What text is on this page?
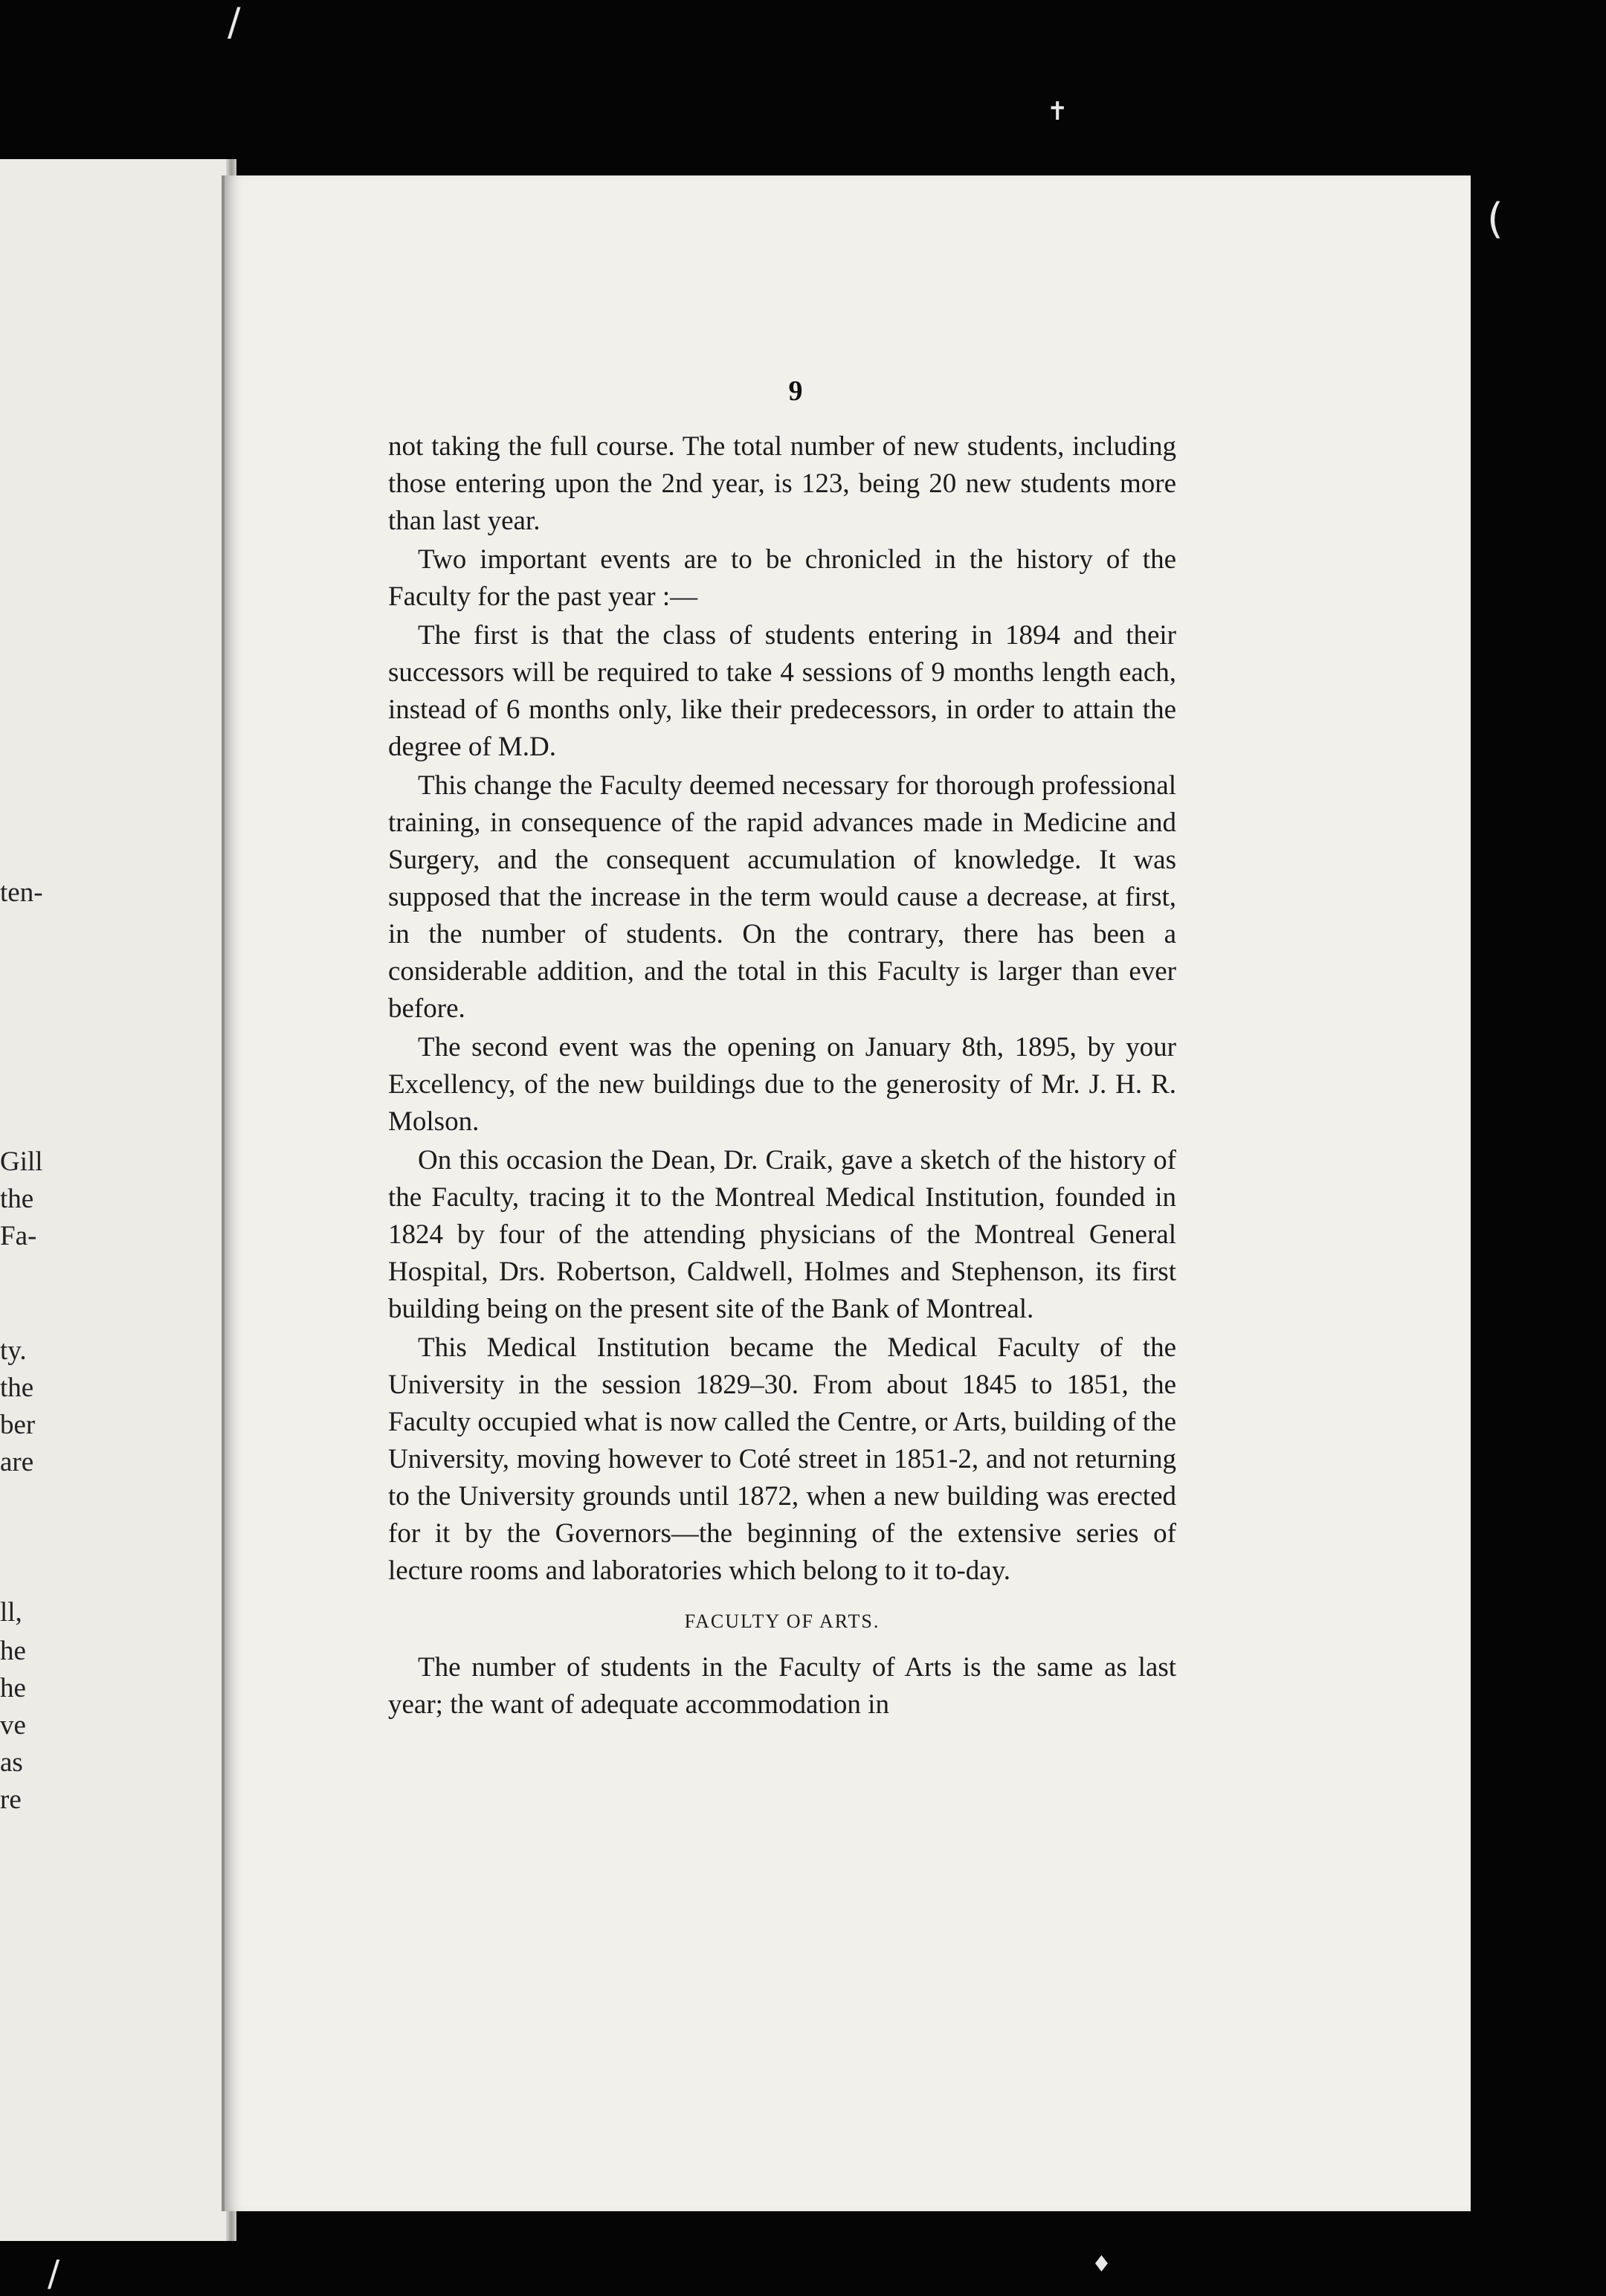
/
✝
(
♦
/
ten-
Gill
the
Fa-
ty.
the
ber
are
ll,
he
he
ve
as
re
9

not taking the full course. The total number of new students, including those entering upon the 2nd year, is 123, being 20 new students more than last year.

Two important events are to be chronicled in the history of the Faculty for the past year :—

The first is that the class of students entering in 1894 and their successors will be required to take 4 sessions of 9 months length each, instead of 6 months only, like their predecessors, in order to attain the degree of M.D.

This change the Faculty deemed necessary for thorough professional training, in consequence of the rapid advances made in Medicine and Surgery, and the consequent accumulation of knowledge. It was supposed that the increase in the term would cause a decrease, at first, in the number of students. On the contrary, there has been a considerable addition, and the total in this Faculty is larger than ever before.

The second event was the opening on January 8th, 1895, by your Excellency, of the new buildings due to the generosity of Mr. J. H. R. Molson.

On this occasion the Dean, Dr. Craik, gave a sketch of the history of the Faculty, tracing it to the Montreal Medical Institution, founded in 1824 by four of the attending physicians of the Montreal General Hospital, Drs. Robertson, Caldwell, Holmes and Stephenson, its first building being on the present site of the Bank of Montreal.

This Medical Institution became the Medical Faculty of the University in the session 1829–30. From about 1845 to 1851, the Faculty occupied what is now called the Centre, or Arts, building of the University, moving however to Coté street in 1851-2, and not returning to the University grounds until 1872, when a new building was erected for it by the Governors—the beginning of the extensive series of lecture rooms and laboratories which belong to it to-day.

FACULTY OF ARTS.

The number of students in the Faculty of Arts is the same as last year; the want of adequate accommodation in
